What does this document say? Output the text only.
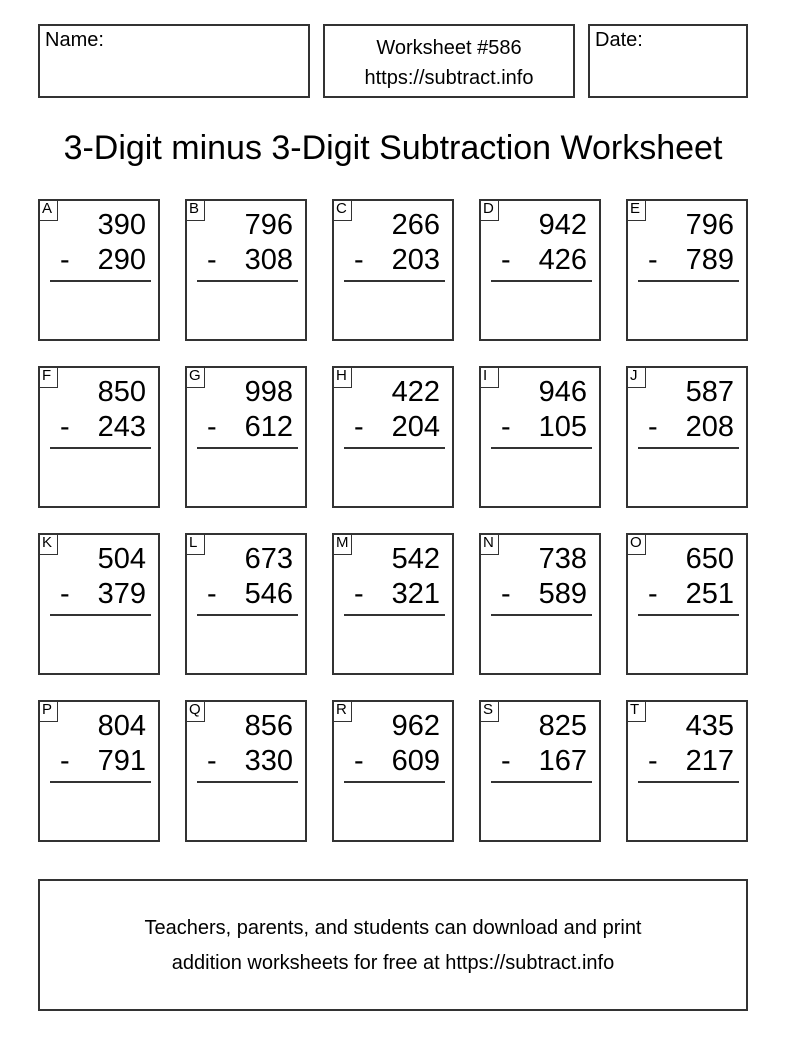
Name:	Worksheet #586
https://subtract.info
Date:
3-Digit minus 3-Digit Subtraction Worksheet
A
390
- 290
B
796
- 308
C
266
- 203
D
942
- 426
E
796
- 789
F
850
- 243
G
998
- 612
H
422
- 204
I
946
- 105
J
587
- 208
K
504
- 379
L
673
- 546
M
542
- 321
N
738
- 589
O
650
- 251
P
804
- 791
Q
856
- 330
R
962
- 609
S
825
- 167
T
435
- 217
Teachers, parents, and students can download and print
addition worksheets for free at https://subtract.info
